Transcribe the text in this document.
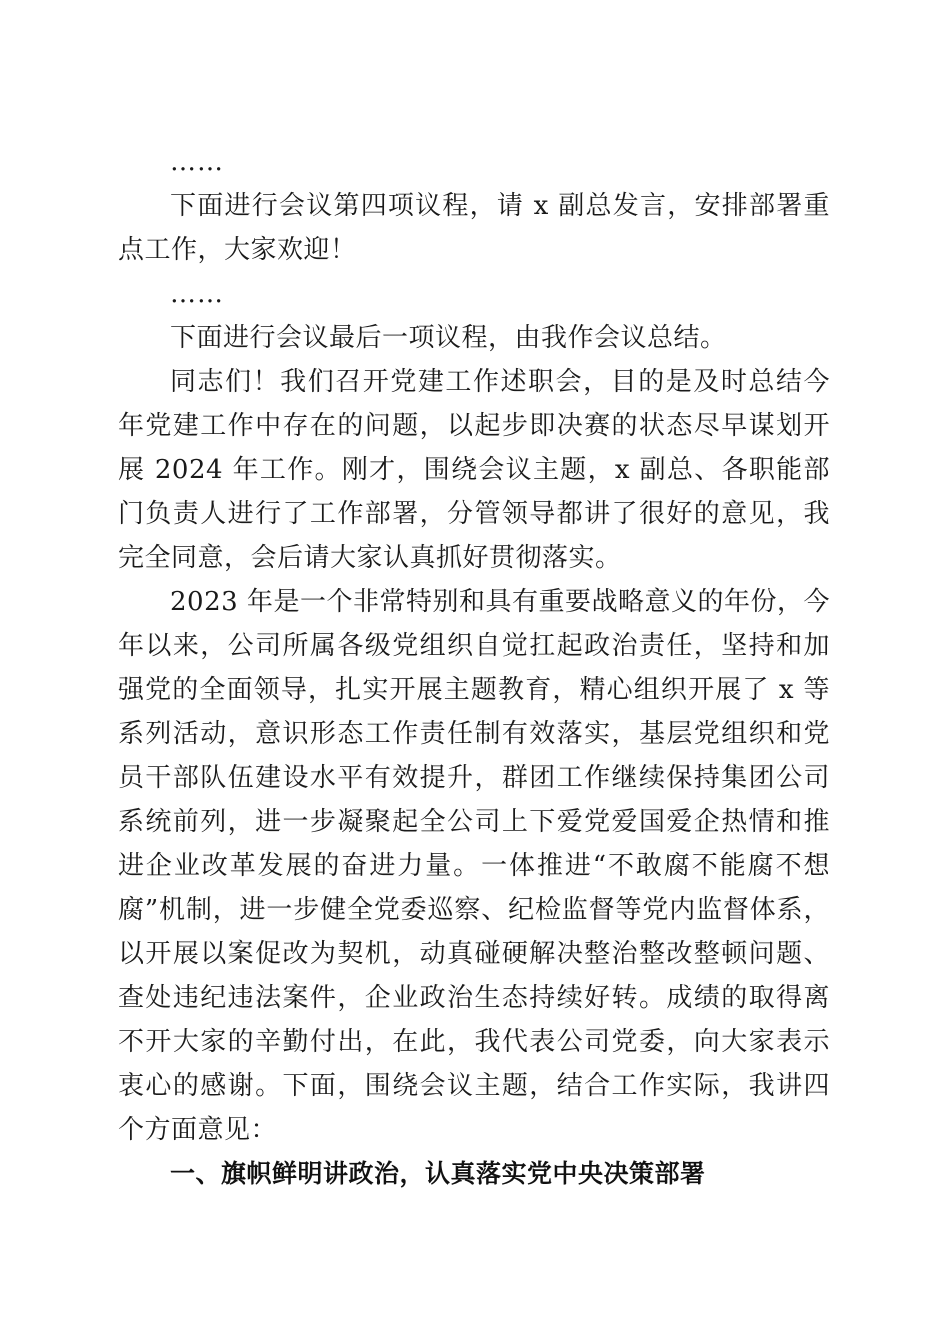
……

下面进行会议第四项议程，请 x 副总发言，安排部署重点工作，大家欢迎！

……

下面进行会议最后一项议程，由我作会议总结。

同志们！我们召开党建工作述职会，目的是及时总结今年党建工作中存在的问题，以起步即决赛的状态尽早谋划开展 2024 年工作。刚才，围绕会议主题，x 副总、各职能部门负责人进行了工作部署，分管领导都讲了很好的意见，我完全同意，会后请大家认真抓好贯彻落实。

2023 年是一个非常特别和具有重要战略意义的年份，今年以来，公司所属各级党组织自觉扛起政治责任，坚持和加强党的全面领导，扎实开展主题教育，精心组织开展了 x 等系列活动，意识形态工作责任制有效落实，基层党组织和党员干部队伍建设水平有效提升，群团工作继续保持集团公司系统前列，进一步凝聚起全公司上下爱党爱国爱企热情和推进企业改革发展的奋进力量。一体推进“不敢腐不能腐不想腐”机制，进一步健全党委巡察、纪检监督等党内监督体系，以开展以案促改为契机，动真碰硬解决整治整改整顿问题、查处违纪违法案件，企业政治生态持续好转。成绩的取得离不开大家的辛勤付出，在此，我代表公司党委，向大家表示衷心的感谢。下面，围绕会议主题，结合工作实际，我讲四个方面意见：

一、旗帜鲜明讲政治，认真落实党中央决策部署
